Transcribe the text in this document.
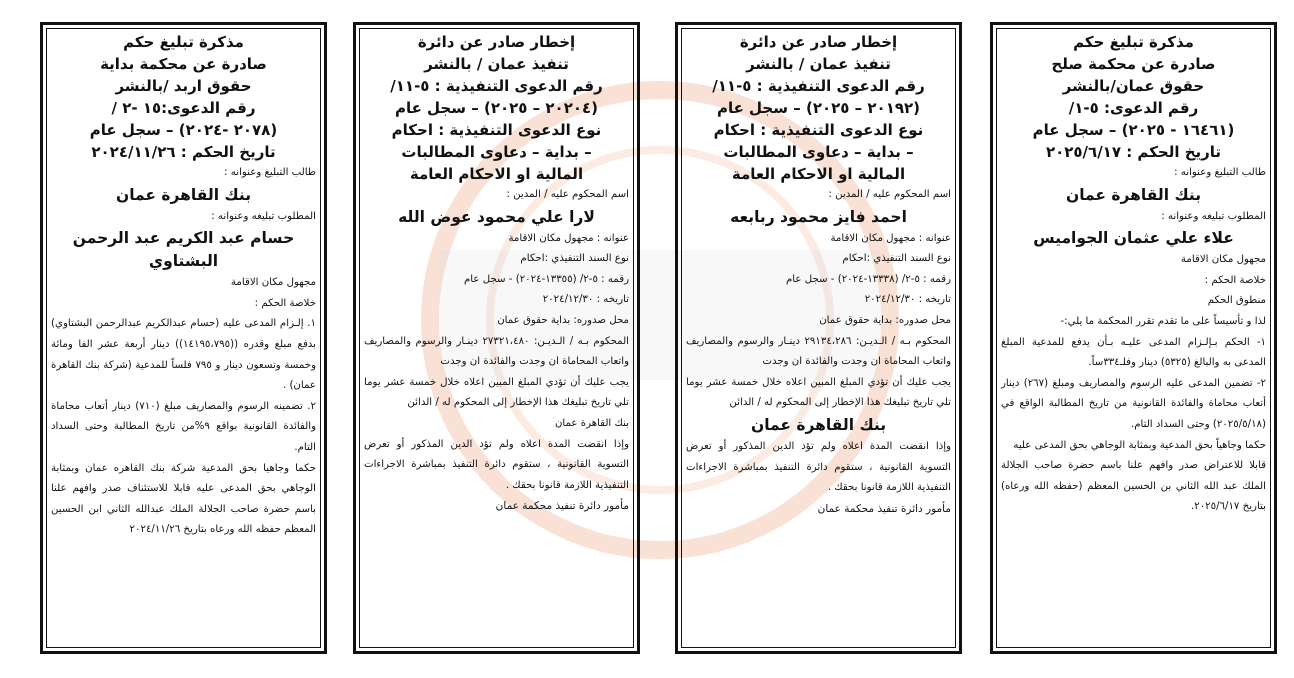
مذكرة تبليغ حكم
صادرة عن محكمة بداية
حقوق اربد /بالنشر
رقم الدعوى:١٥ -٢ /
(٢٠٧٨ -٢٠٢٤) – سجل عام
تاريخ الحكم : ٢٠٢٤/١١/٢٦

طالب التبليغ وعنوانه :

بنك القاهرة عمان

المطلوب تبليغه وعنوانه :

حسام عبد الكريم عبد الرحمن البشتاوي

مجهول مكان الاقامة

خلاصة الحكم :

١. إلـزام المدعى عليه (حسام عبدالكريم عبدالرحمن البشتاوي) بدفع مبلغ وقدره ((١٤١٩٥،٧٩٥)) دينار أربعة عشر الفا ومائة وخمسة وتسعون دينار و ٧٩٥ فلساً للمدعية (شركة بنك القاهرة عمان) .

٢. تضمينه الرسوم والمصاريف مبلغ (٧١٠) دينار أتعاب محاماة والفائدة القانونية بواقع ٩%من تاريخ المطالبة وحتى السداد التام.

حكما وجاهيا بحق المدعية شركة بنك القاهره عمان وبمثابة الوجاهي بحق المدعى عليه قابلا للاستئناف صدر وافهم علنا باسم حضرة صاحب الجلالة الملك عبدالله الثاني ابن الحسين المعظم حفظه الله ورعاه بتاريخ ٢٠٢٤/١١/٢٦

إخطار صادر عن دائرة
تنفيذ عمان / بالنشر
رقم الدعوى التنفيذية : ٥-١١/
(٢٠٢٠٤ – ٢٠٢٥) – سجل عام
نوع الدعوى التنفيذية : احكام
– بداية – دعاوى المطالبات
المالية او الاحكام العامة

اسم المحكوم عليه / المدين :

لارا علي محمود عوض الله

عنوانه : مجهول مكان الاقامة

نوع السند التنفيذي :احكام

رقمه : ٥-٢/ (١٣٣٥٥-٢٠٢٤) - سجل عام

تاريخه : ٢٠٢٤/١٢/٣٠

محل صدوره: بداية حقوق عمان

المحكوم بـه / الـديـن: ٢٧٣٢١،٤٨٠ دينـار والرسوم والمصاريف واتعاب المحاماة ان وجدت والفائدة ان وجدت

يجب عليك أن تؤدي المبلغ المبين اعلاه خلال خمسة عشر يوما تلي تاريخ تبليغك هذا الإخطار إلى المحكوم له / الدائن

بنك القاهرة عمان

وإذا انقضت المدة اعلاه ولم تؤد الدين المذكور أو تعرض التسوية القانونية ، ستقوم دائرة التنفيذ بمباشرة الاجراءات التنفيذية اللازمة قانونا بحقك .

مأمور دائرة تنفيذ محكمة عمان

إخطار صادر عن دائرة
تنفيذ عمان / بالنشر
رقم الدعوى التنفيذية : ٥-١١/
(٢٠١٩٢ – ٢٠٢٥) – سجل عام
نوع الدعوى التنفيذية : احكام
– بداية – دعاوى المطالبات
المالية او الاحكام العامة

اسم المحكوم عليه / المدين :

احمد فايز محمود ربابعه

عنوانه : مجهول مكان الاقامة

نوع السند التنفيذي :احكام

رقمه : ٥-٢/ (١٣٣٣٨-٢٠٢٤) - سجل عام

تاريخه : ٢٠٢٤/١٢/٣٠

محل صدوره: بداية حقوق عمان

المحكوم بـه / الـديـن: ٢٩١٣٤،٢٨٦ دينـار والرسوم والمصاريف واتعاب المحاماة ان وجدت والفائدة ان وجدت

يجب عليك أن تؤدي المبلغ المبين اعلاه خلال خمسة عشر يوما تلي تاريخ تبليغك هذا الإخطار إلى المحكوم له / الدائن

بنك القاهرة عمان

وإذا انقضت المدة اعلاه ولم تؤد الدين المذكور أو تعرض التسوية القانونية ، ستقوم دائرة التنفيذ بمباشرة الاجراءات التنفيذية اللازمة قانونا بحقك .

مأمور دائرة تنفيذ محكمة عمان

مذكرة تبليغ حكم
صادرة عن محكمة صلح
حقوق عمان/بالنشر
رقم الدعوى: ٥-١/
(١٦٤٦١ - ٢٠٢٥) – سجل عام
تاريخ الحكم : ٢٠٢٥/٦/١٧

طالب التبليغ وعنوانه :

بنك القاهرة عمان

المطلوب تبليغه وعنوانه :

علاء علي عثمان الجواميس

مجهول مكان الاقامة

خلاصة الحكم :

منطوق الحكم

لذا و تأسيساً على ما تقدم تقرر المحكمة ما يلي:-

١- الحكم بـإلـزام المدعى عليـه بـأن يدفع للمدعية المبلغ المدعى به والبالغ (٥٣٢٥) دينار وفلـ٣٣٤ساً.

٢- تضمين المدعى عليه الرسوم والمصاريف ومبلغ (٢٦٧) دينار أتعاب محاماة والفائدة القانونية من تاريخ المطالبة الواقع في (٢٠٢٥/٥/١٨) وحتى السداد التام.

حكما وجاهياً بحق المدعية وبمثابة الوجاهي بحق المدعى عليه

قابلا للاعتراض صدر وافهم علنا باسم حضرة صاحب الجلالة الملك عبد الله الثاني بن الحسين المعظم (حفظه الله ورعاه) بتاريخ ٢٠٢٥/٦/١٧.
